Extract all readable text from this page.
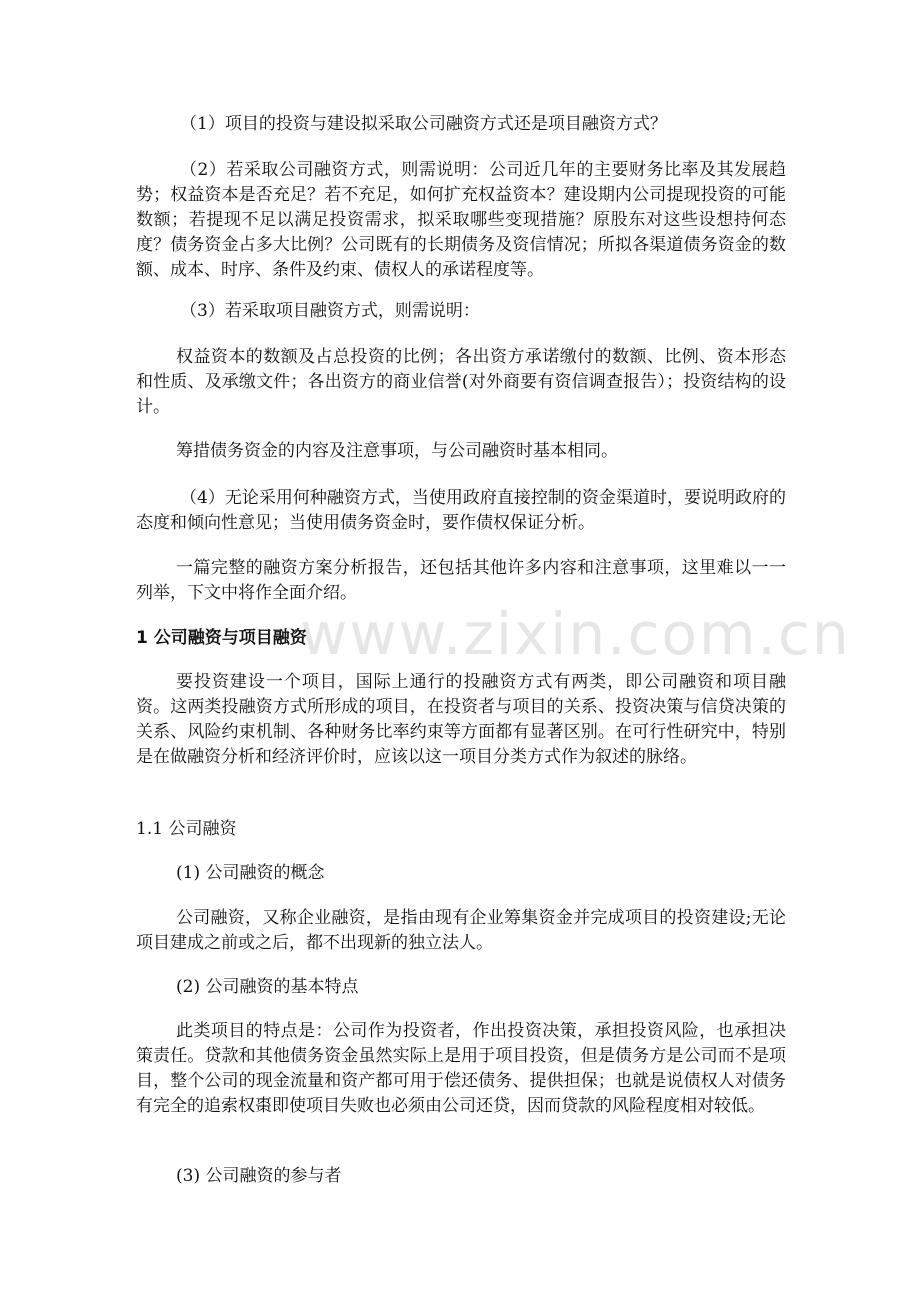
www.zixin.com.cn

（1）项目的投资与建设拟采取公司融资方式还是项目融资方式？

（2）若采取公司融资方式，则需说明：公司近几年的主要财务比率及其发展趋势；权益资本是否充足？若不充足，如何扩充权益资本？建设期内公司提现投资的可能数额；若提现不足以满足投资需求，拟采取哪些变现措施？原股东对这些设想持何态度？债务资金占多大比例？公司既有的长期债务及资信情况；所拟各渠道债务资金的数额、成本、时序、条件及约束、债权人的承诺程度等。

（3）若采取项目融资方式，则需说明：

权益资本的数额及占总投资的比例；各出资方承诺缴付的数额、比例、资本形态和性质、及承缴文件；各出资方的商业信誉(对外商要有资信调查报告）；投资结构的设计。

筹措债务资金的内容及注意事项，与公司融资时基本相同。

（4）无论采用何种融资方式，当使用政府直接控制的资金渠道时，要说明政府的态度和倾向性意见；当使用债务资金时，要作债权保证分析。

一篇完整的融资方案分析报告，还包括其他许多内容和注意事项，这里难以一一列举，下文中将作全面介绍。

1 公司融资与项目融资

要投资建设一个项目，国际上通行的投融资方式有两类，即公司融资和项目融资。这两类投融资方式所形成的项目，在投资者与项目的关系、投资决策与信贷决策的关系、风险约束机制、各种财务比率约束等方面都有显著区别。在可行性研究中，特别是在做融资分析和经济评价时，应该以这一项目分类方式作为叙述的脉络。

1.1 公司融资

(1) 公司融资的概念

公司融资，又称企业融资，是指由现有企业筹集资金并完成项目的投资建设;无论项目建成之前或之后，都不出现新的独立法人。

(2) 公司融资的基本特点

此类项目的特点是：公司作为投资者，作出投资决策，承担投资风险，也承担决策责任。贷款和其他债务资金虽然实际上是用于项目投资，但是债务方是公司而不是项目，整个公司的现金流量和资产都可用于偿还债务、提供担保；也就是说债权人对债务有完全的追索权棗即使项目失败也必须由公司还贷，因而贷款的风险程度相对较低。

(3) 公司融资的参与者
